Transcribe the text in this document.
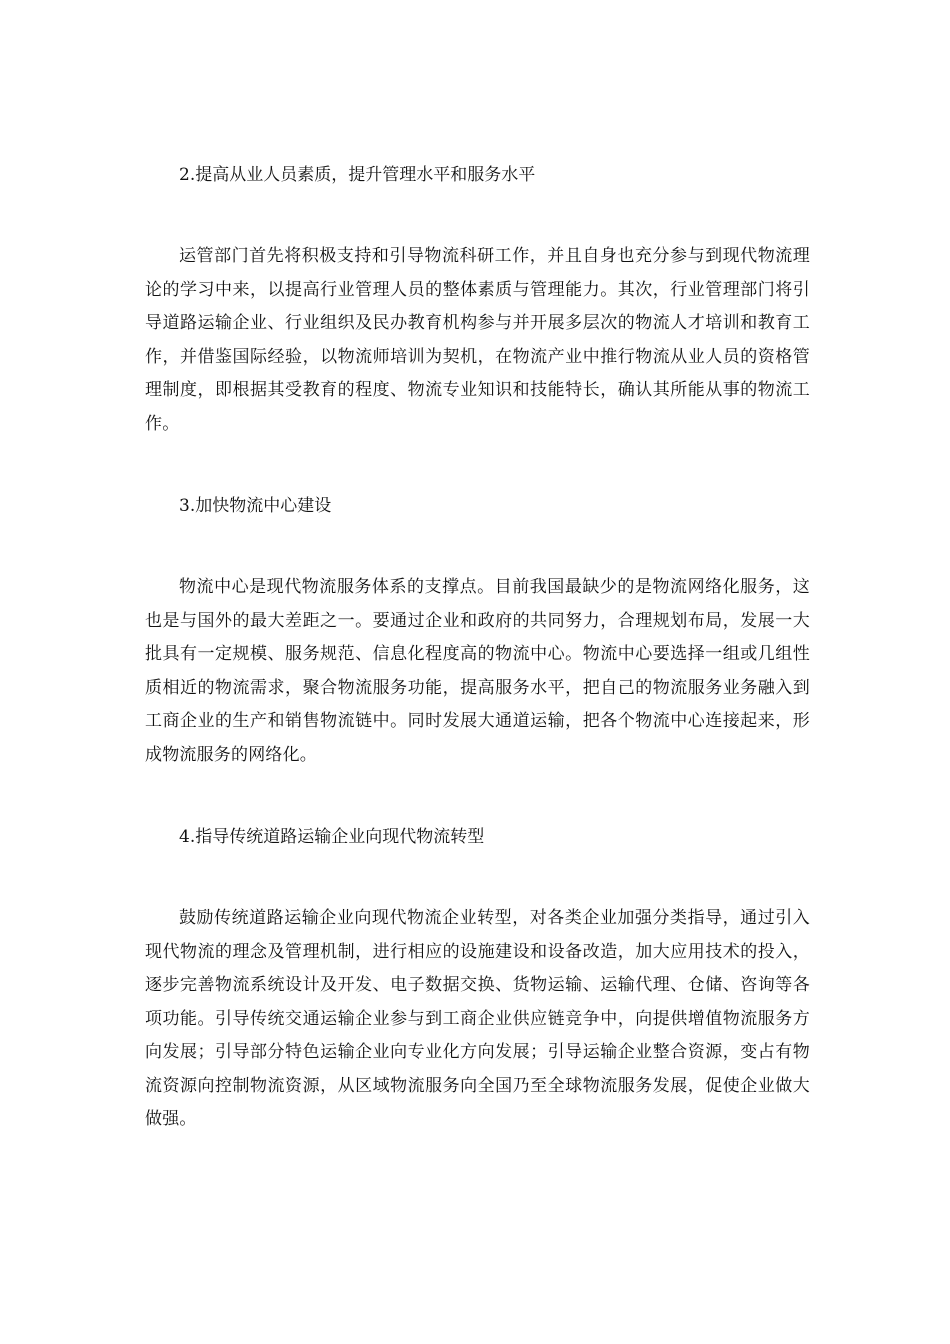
2.提高从业人员素质，提升管理水平和服务水平

运管部门首先将积极支持和引导物流科研工作，并且自身也充分参与到现代物流理论的学习中来，以提高行业管理人员的整体素质与管理能力。其次，行业管理部门将引导道路运输企业、行业组织及民办教育机构参与并开展多层次的物流人才培训和教育工作，并借鉴国际经验，以物流师培训为契机，在物流产业中推行物流从业人员的资格管理制度，即根据其受教育的程度、物流专业知识和技能特长，确认其所能从事的物流工作。

3.加快物流中心建设

物流中心是现代物流服务体系的支撑点。目前我国最缺少的是物流网络化服务，这也是与国外的最大差距之一。要通过企业和政府的共同努力，合理规划布局，发展一大批具有一定规模、服务规范、信息化程度高的物流中心。物流中心要选择一组或几组性质相近的物流需求，聚合物流服务功能，提高服务水平，把自己的物流服务业务融入到工商企业的生产和销售物流链中。同时发展大通道运输，把各个物流中心连接起来，形成物流服务的网络化。

4.指导传统道路运输企业向现代物流转型

鼓励传统道路运输企业向现代物流企业转型，对各类企业加强分类指导，通过引入现代物流的理念及管理机制，进行相应的设施建设和设备改造，加大应用技术的投入，逐步完善物流系统设计及开发、电子数据交换、货物运输、运输代理、仓储、咨询等各项功能。引导传统交通运输企业参与到工商企业供应链竞争中，向提供增值物流服务方向发展；引导部分特色运输企业向专业化方向发展；引导运输企业整合资源，变占有物流资源向控制物流资源，从区域物流服务向全国乃至全球物流服务发展，促使企业做大做强。
